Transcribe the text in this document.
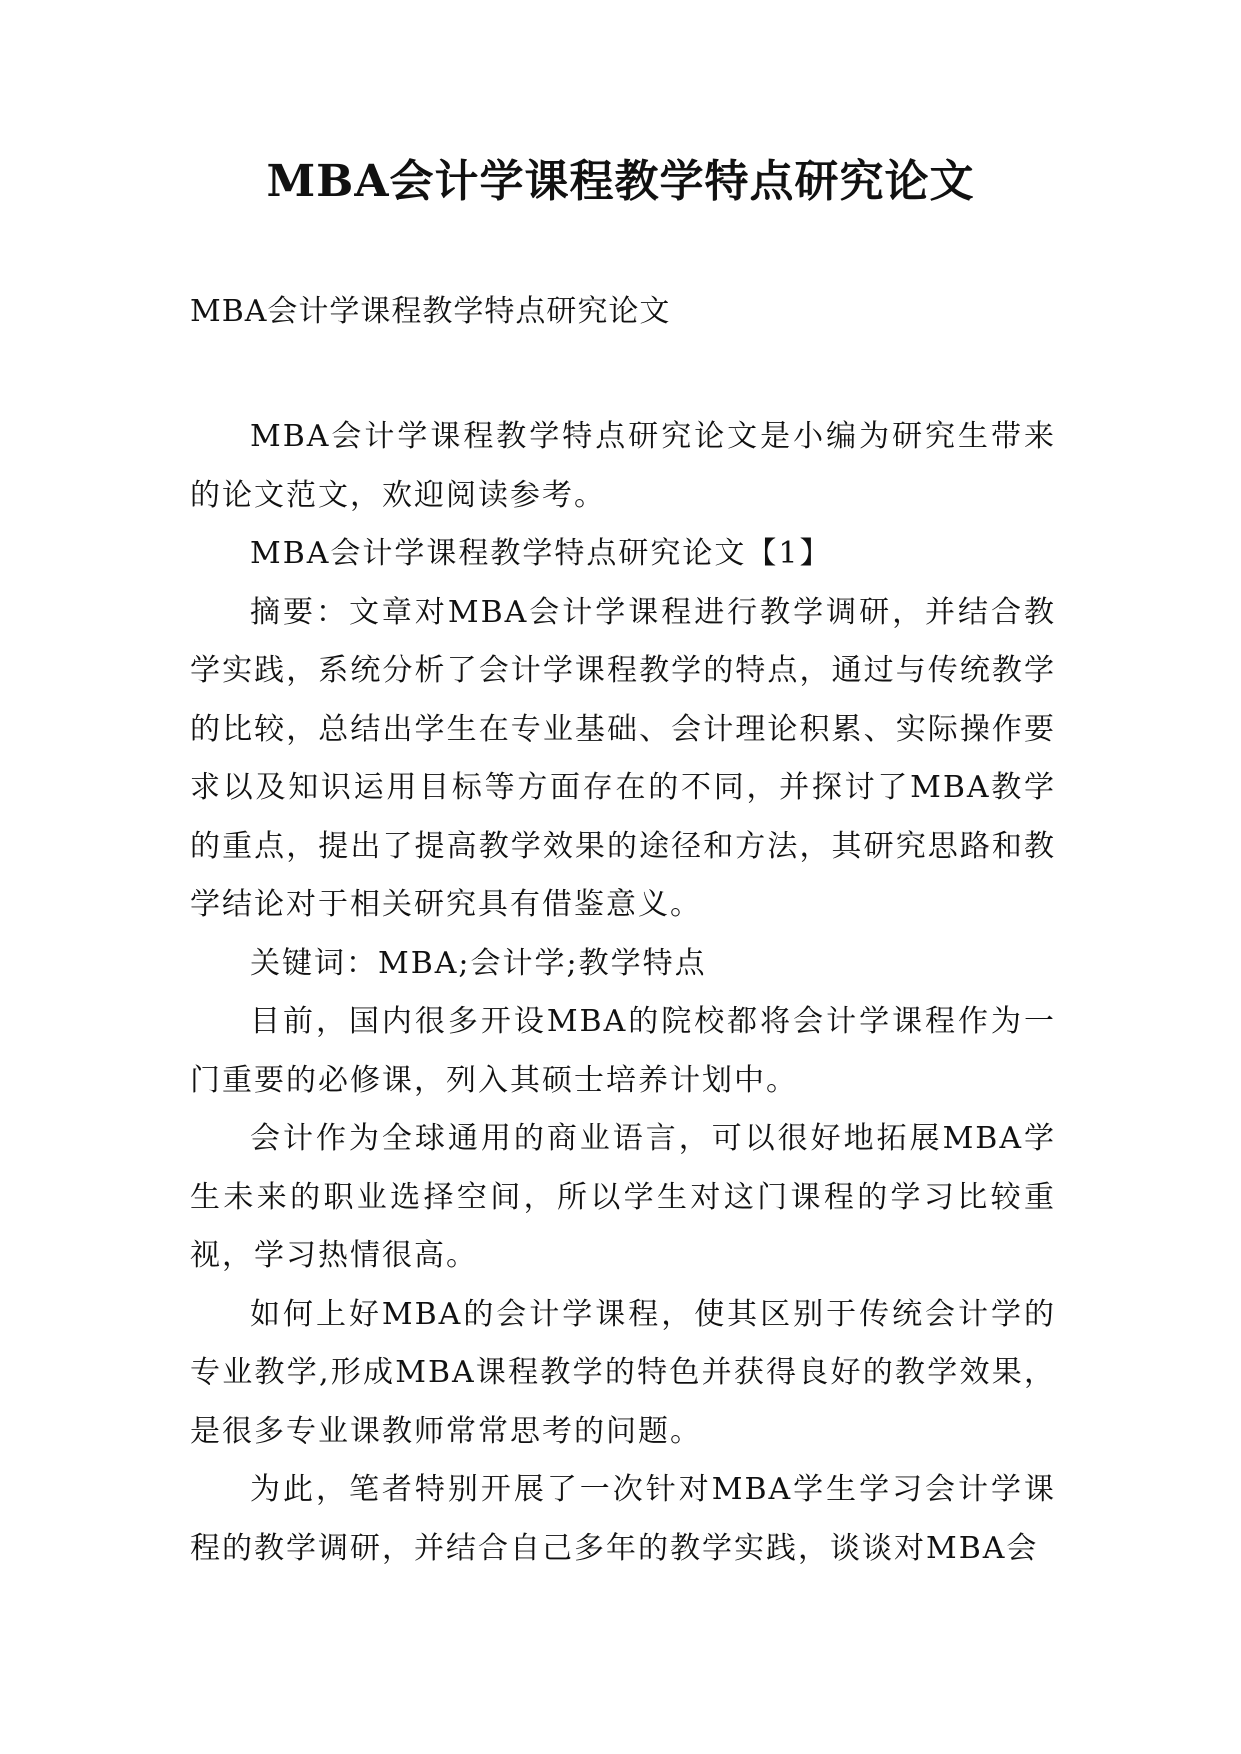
MBA会计学课程教学特点研究论文

MBA会计学课程教学特点研究论文

MBA会计学课程教学特点研究论文是小编为研究生带来的论文范文，欢迎阅读参考。

MBA会计学课程教学特点研究论文【1】

摘要：文章对MBA会计学课程进行教学调研，并结合教学实践，系统分析了会计学课程教学的特点，通过与传统教学的比较，总结出学生在专业基础、会计理论积累、实际操作要求以及知识运用目标等方面存在的不同，并探讨了MBA教学的重点，提出了提高教学效果的途径和方法，其研究思路和教学结论对于相关研究具有借鉴意义。

关键词：MBA;会计学;教学特点

目前，国内很多开设MBA的院校都将会计学课程作为一门重要的必修课，列入其硕士培养计划中。

会计作为全球通用的商业语言，可以很好地拓展MBA学生未来的职业选择空间，所以学生对这门课程的学习比较重视，学习热情很高。

如何上好MBA的会计学课程，使其区别于传统会计学的专业教学,形成MBA课程教学的特色并获得良好的教学效果，是很多专业课教师常常思考的问题。

为此，笔者特别开展了一次针对MBA学生学习会计学课程的教学调研，并结合自己多年的教学实践，谈谈对MBA会
